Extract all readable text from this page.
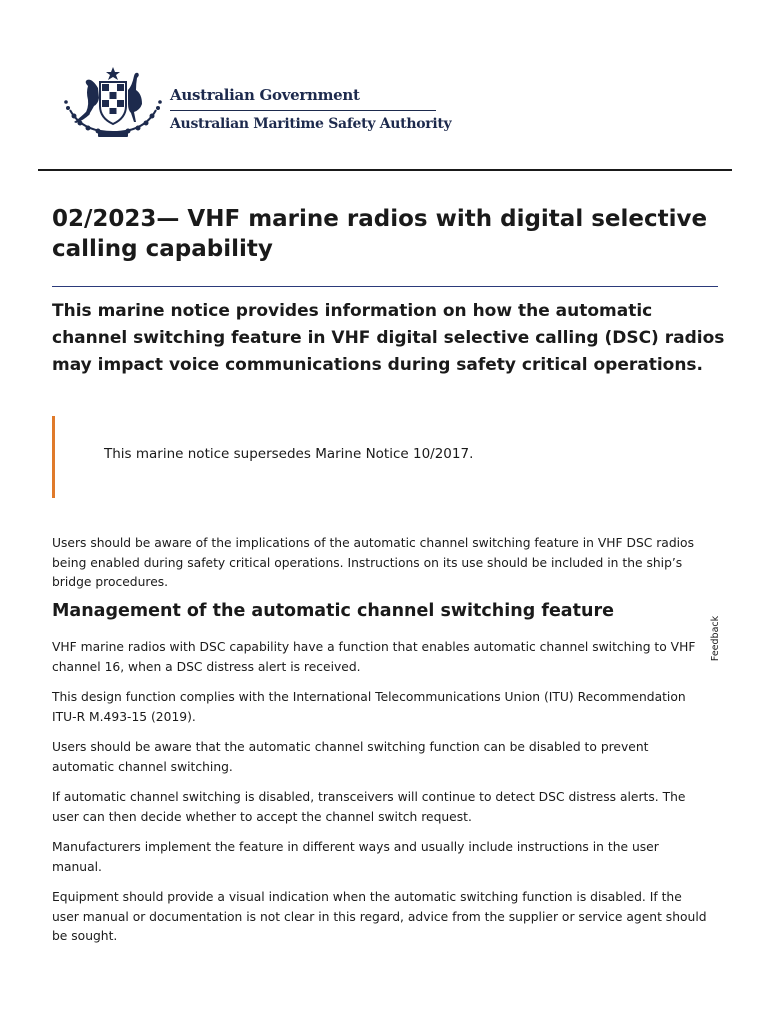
Australian Government

Australian Maritime Safety Authority

02/2023— VHF marine radios with digital selective calling capability

This marine notice provides information on how the automatic channel switching feature in VHF digital selective calling (DSC) radios may impact voice communications during safety critical operations.

This marine notice supersedes Marine Notice 10/2017.

Users should be aware of the implications of the automatic channel switching feature in VHF DSC radios being enabled during safety critical operations. Instructions on its use should be included in the ship’s bridge procedures.

Management of the automatic channel switching feature

VHF marine radios with DSC capability have a function that enables automatic channel switching to VHF channel 16, when a DSC distress alert is received.

This design function complies with the International Telecommunications Union (ITU) Recommendation ITU-R M.493-15 (2019).

Users should be aware that the automatic channel switching function can be disabled to prevent automatic channel switching.

If automatic channel switching is disabled, transceivers will continue to detect DSC distress alerts. The user can then decide whether to accept the channel switch request.

Manufacturers implement the feature in different ways and usually include instructions in the user manual.

Equipment should provide a visual indication when the automatic switching function is disabled. If the user manual or documentation is not clear in this regard, advice from the supplier or service agent should be sought.

Feedback
